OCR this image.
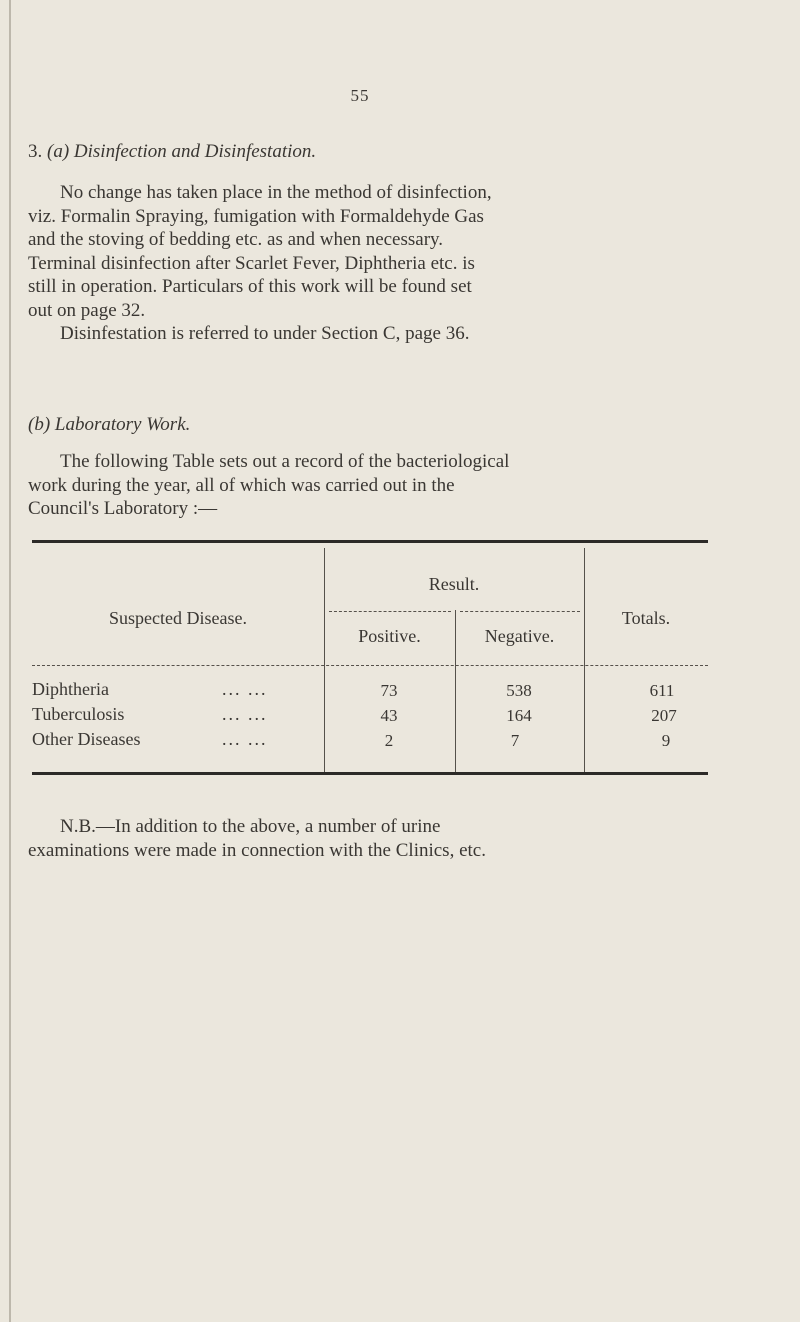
55
3. (a) Disinfection and Disinfestation.
No change has taken place in the method of disinfection,
viz. Formalin Spraying, fumigation with Formaldehyde Gas
and the stoving of bedding etc. as and when necessary.
Terminal disinfection after Scarlet Fever, Diphtheria etc. is
still in operation. Particulars of this work will be found set
out on page 32.
Disinfestation is referred to under Section C, page 36.
(b) Laboratory Work.
The following Table sets out a record of the bacteriological
work during the year, all of which was carried out in the
Council's Laboratory :—
Suspected Disease.
Result.
Totals.
Positive.	Negative.
Diphtheria	... ...	73	538	611
Tuberculosis	... ...	43	164	207
Other Diseases	... ...	2	7	9
N.B.—In addition to the above, a number of urine
examinations were made in connection with the Clinics, etc.
